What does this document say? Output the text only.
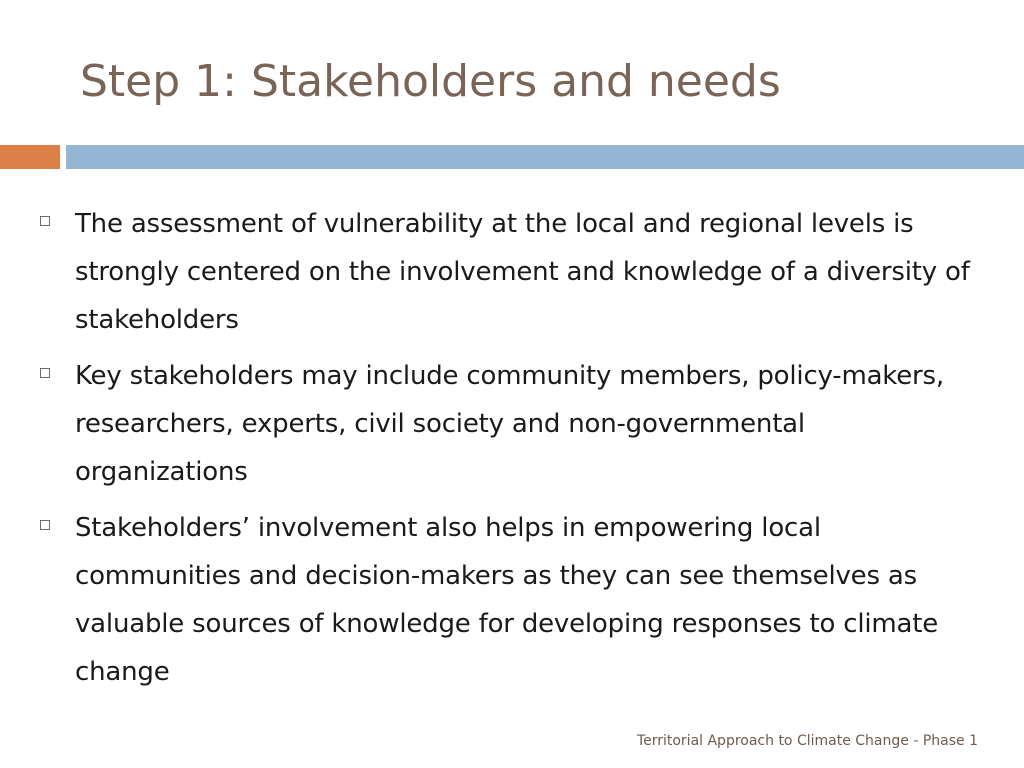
Step 1: Stakeholders and needs
The assessment of vulnerability at the local and regional levels is strongly centered on the involvement and knowledge of a diversity of stakeholders
Key stakeholders may include community members, policy-makers, researchers, experts, civil society and non-governmental organizations
Stakeholders’ involvement also helps in empowering local communities and decision-makers as they can see themselves as valuable sources of knowledge for developing responses to climate change
Territorial Approach to Climate Change - Phase 1
